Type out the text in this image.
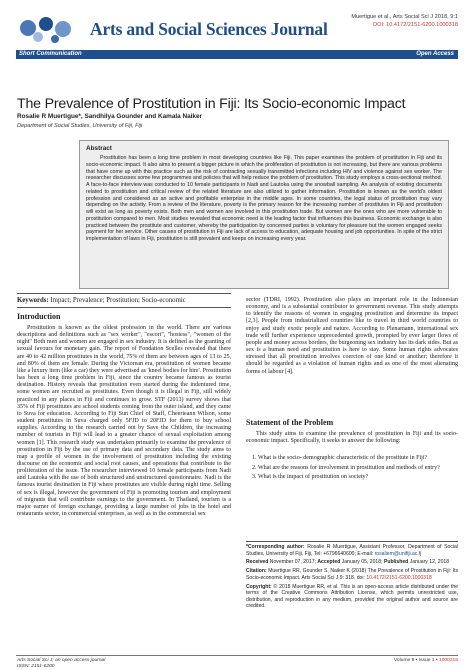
Arts and Social Sciences Journal
Muertigue et al., Arts Social Sci J 2018, 9:1
DOI: 10.4172/2151-6200.1000318
Short Communication	Open Access
The Prevalence of Prostitution in Fiji: Its Socio-economic Impact
Rosalie R Muertigue*, Sandhilya Gounder and Kamala Naiker
Department of Social Studies, University of Fiji, Fiji
Abstract
Prostitution has been a long time problem in most developing countries like Fiji. This paper examines the problem of prostitution in Fiji and its socio-economic impact. It also aims to present a bigger picture in which the proliferation of prostitution is not increasing, but there are various problems that have come up with this practice such as the risk of contracting sexually transmitted infections including HIV and violence against sex worker. The researcher discusses some few programmes and policies that will help reduce the problem of prostitution. This study employs a cross-sectional method. A face-to-face interview was conducted to 10 female participants in Nadi and Lautoka using the snowball sampling. An analysis of existing documents related to prostitution and critical review of the related literature are also utilized to gather information. Prostitution is known as the world's oldest profession and considered as an active and profitable enterprise in the middle ages. In some countries, the legal status of prostitution may vary depending on the activity. From a review of the literature, poverty is the primary reason for the increasing number of prostitutes in Fiji and prostitution will exist as long as poverty exists. Both men and women are involved in this prostitution trade. But women are the ones who are more vulnerable to prostitution compared to men. Most studies revealed that economic need is the leading factor that influences this business. Economic exchange is also practiced between the prostitute and customer, whereby the participation by concerned parties is voluntary for pleasure but the women engaged seeks payment for her service. Other causes of prostitution in Fiji are lack of access to education, adequate housing and job opportunities. In spite of the strict implementation of laws in Fiji, prostitution is still prevalent and keeps on increasing every year.
Keywords: Impact; Prevalence; Prostitution; Socio-economic
Introduction

Prostitution is known as the oldest profession in the world. There are various descriptions and definitions such as "sex worker", "escort", "hostess", "women of the night" Both men and women are engaged in sex industry. It is defined as the granting of sexual favours for monetary gain. The report of Fondation Scelles revealed that there are 40 to 42 million prostitutes in the world, 75% of them are between ages of 13 to 25, and 80% of them are female. During the Victorean era, prostitution of women became like a luxury item (like a car) they were advertised as 'kneel bodies for hire'. Prostitution has been a long time problem in Fiji, since the country became famous as tourist destination. History reveals that prostitution even started during the indentured time, some women are recruited as prostitutes. Even though it is illegal in Fiji, still widely practiced in any places in Fiji and continues to grow. STF (2013) survey shows that 35% of Fiji prostitutes are school students coming from the outer island, and they came to Suva for education. According to Fiji Sun Chief of Staff, Cheerieann Wilson, some student prostitutes in Suva charged only 5FJD to 20FJD for them to buy school supplies. According to the research carried out by Save the Children, the increasing number of tourists in Fiji will lead to a greater chance of sexual exploitation among women [1]. This research study was undertaken primarily to examine the prevalence of prostitution in Fiji by the use of primary data and secondary data. The study aims to map a profile of women in the involvement of prostitution including the existing discourse on the economic and social root causes, and operations that contribute to the proliferation of the issue. The researcher interviewed 10 female participants from Nadi and Lautoka with the use of both structured and unstructured questionnaire. Nadi is the famous tourist destination in Fiji where prostitutes are visible during night time. Selling of sex is illegal, however the government of Fiji is promoting tourism and employment of migrants that will contribute earnings to the government. In Thailand, tourism is a major earner of foreign exchange, providing a large number of jobs in the hotel and restaurants sector, in commercial enterprises, as well as in the commercial sex

sector (TDRI, 1992). Prostitution also plays an important role in the Indonesian economy, and is a substantial contributor to government revenue. This study attempts to identify the reasons of women in engaging prostitution and determine its impact [2,3]. People from industrialized countries like to travel in third world countries to enjoy and study exotic people and nature. According to Plenamann, international sex trade will further experience unprecedented growth, prompted by ever larger flows of people and money across borders, the burgeoning sex industry has its dark sides. But as sex is a human need and prostitution is here to stay. Some human rights advocates stressed that all prostitution involves coercion of one kind or another; therefore it should be regarded as a violation of human rights and as one of the most alienating forms of labour [4].

Statement of the Problem

This study aims to examine the prevalence of prostitution in Fiji and its socio-economic impact. Specifically, it seeks to answer the following:

1. What is the socio- demographic characteristic of the prostitute in Fiji?
2. What are the reasons for involvement in prostitution and methods of entry?
3. What is the impact of prostitution on society?

*Corresponding author: Rosalie R Muertigue, Assistant Professor, Department of Social Studies, University of Fiji, Fiji, Tel: +6796640600; E-mail: rosaliem@unifiji.ac.fj

Received November 07, 2017; Accepted January 05, 2018; Published January 12, 2018

Citation: Muertigue RR, Gounder S, Naiker K (2018) The Prevalence of Prostitution in Fiji: Its Socio-economic Impact. Arts Social Sci J 9: 318. doi: 10.4172/2151-6200.1000318

Copyright: © 2018 Muertigue RR, et al. This is an open-access article distributed under the terms of the Creative Commons Attribution License, which permits unrestricted use, distribution, and reproduction in any medium, provided the original author and source are credited.

Arts Social Sci J, an open access journal
ISSN: 2151-6200
Volume 9 • Issue 1 • 1000318
